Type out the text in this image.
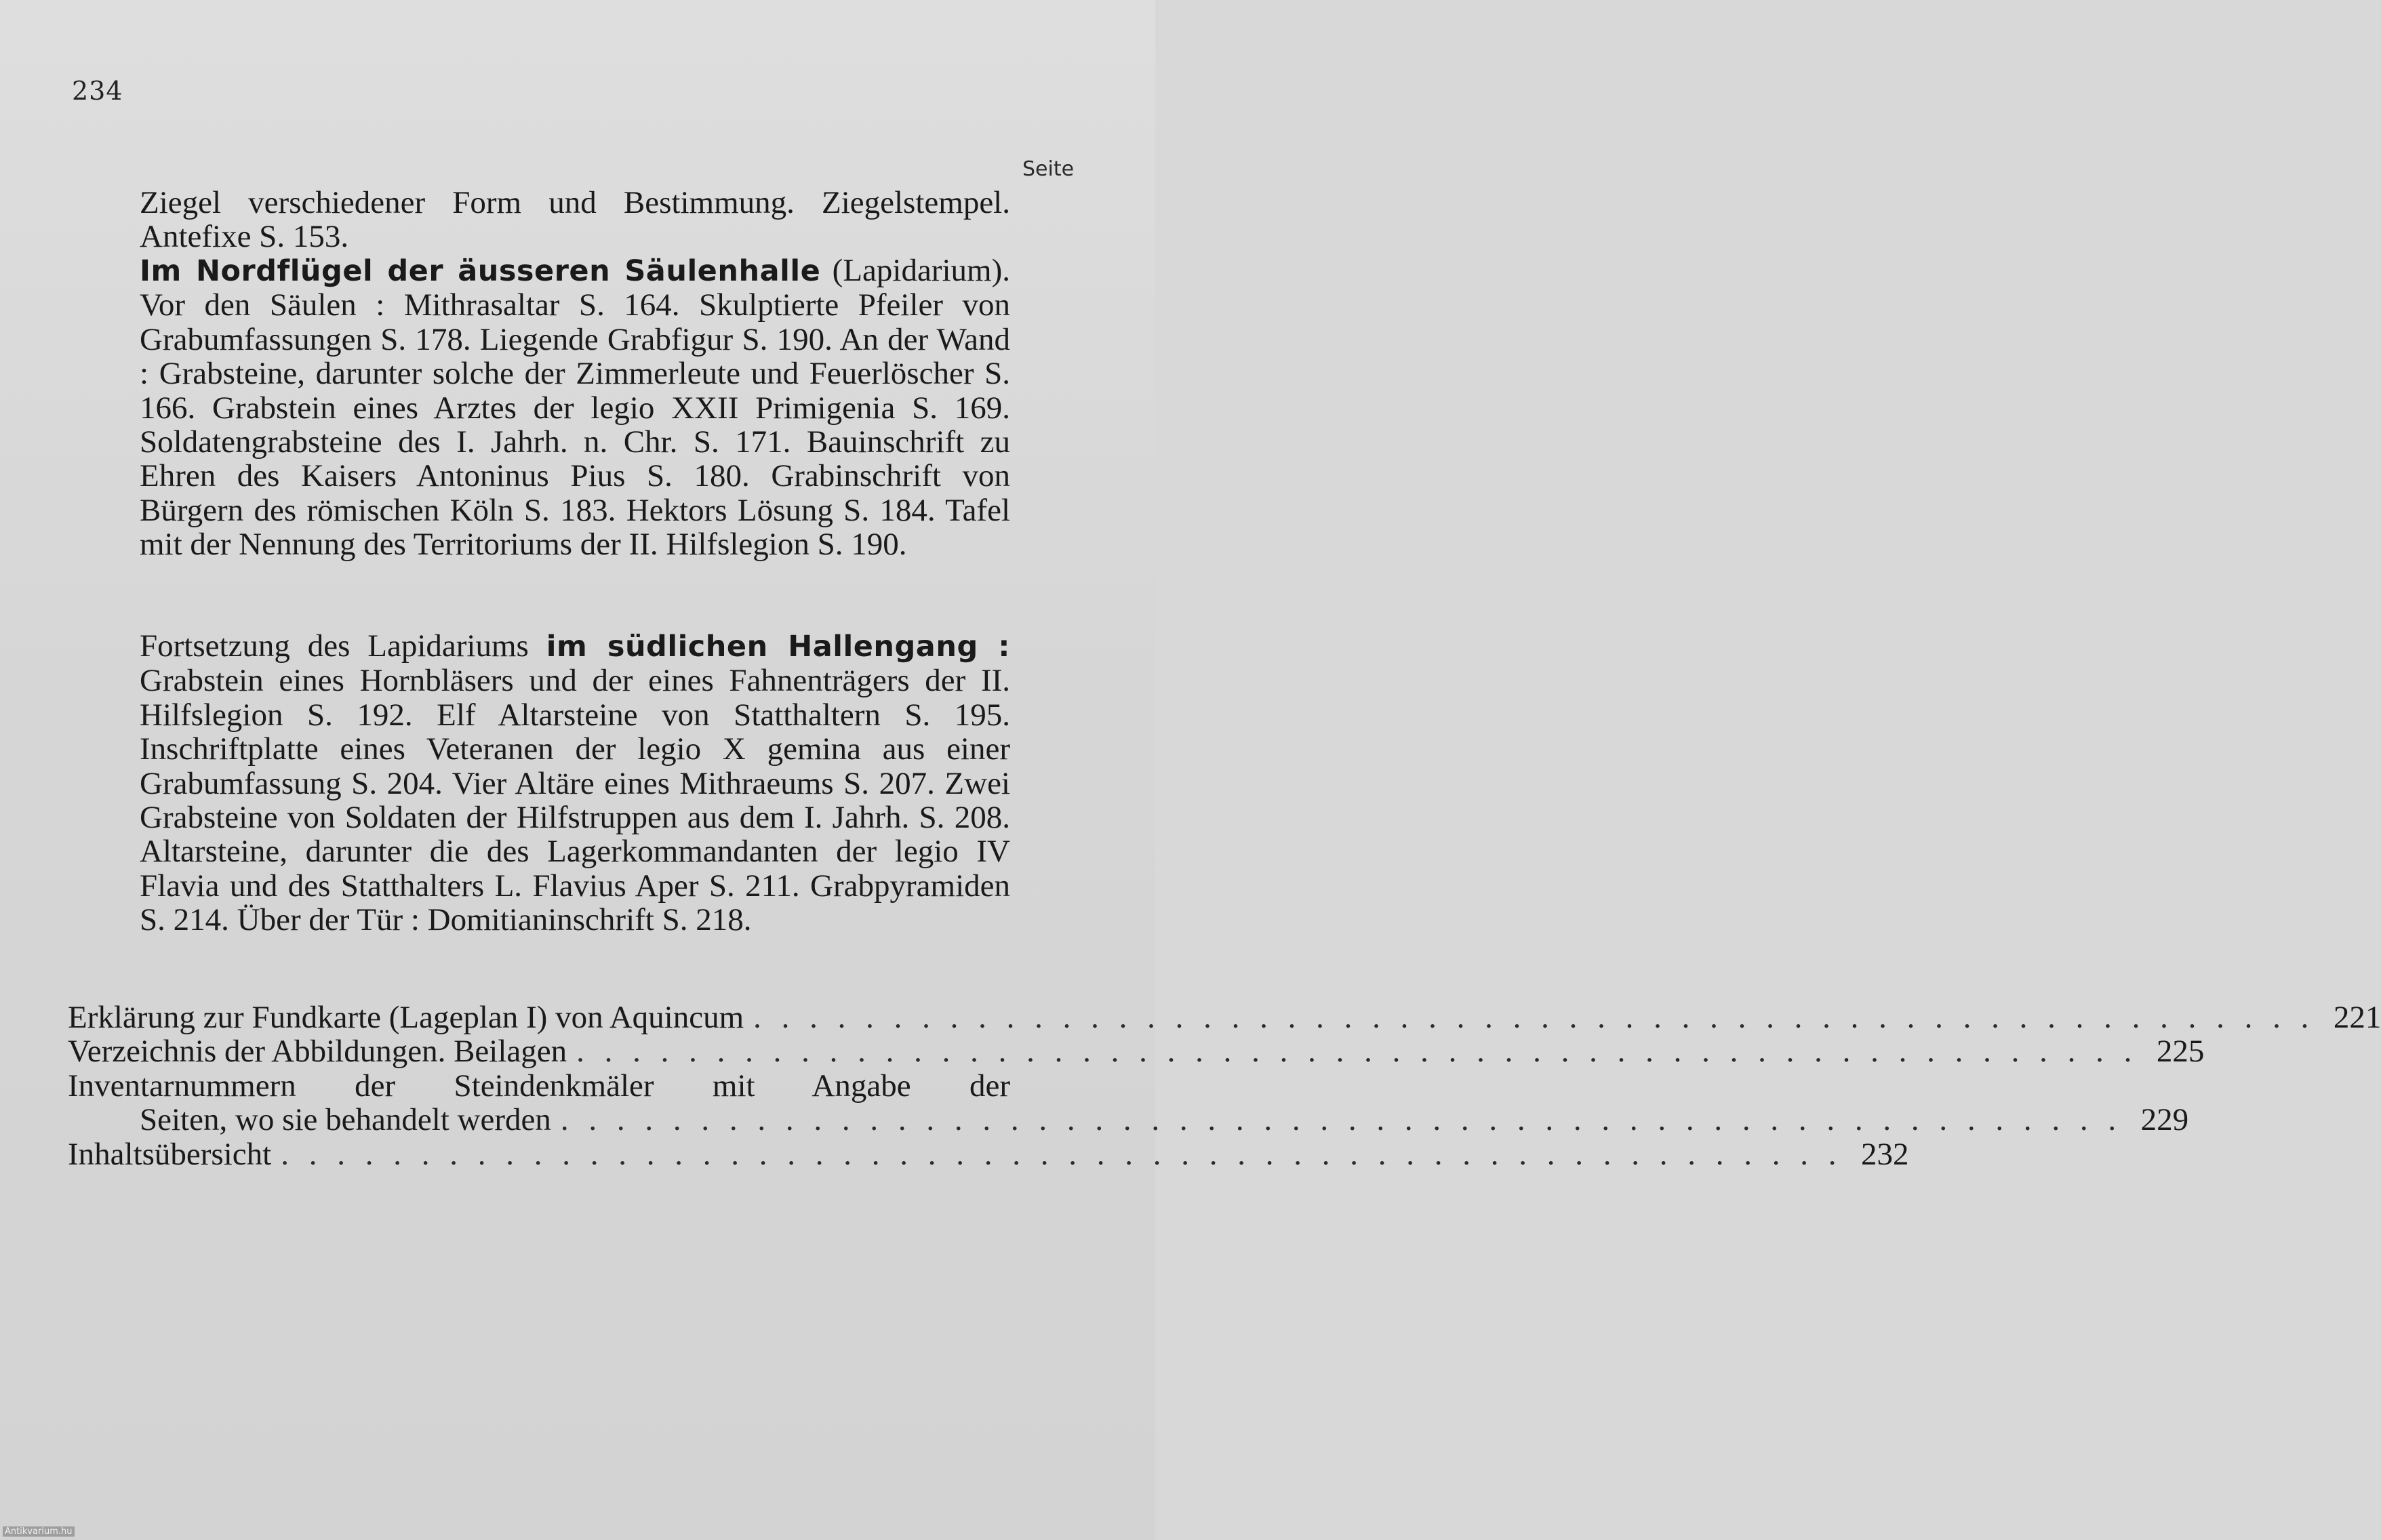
234
Seite
Ziegel verschiedener Form und Bestimmung. Ziegelstempel. Antefixe S. 153.
Im Nordflügel der äusseren Säulenhalle (Lapidarium). Vor den Säulen : Mithrasaltar S. 164. Skulptierte Pfeiler von Grabumfassungen S. 178. Liegende Grabfigur S. 190. An der Wand : Grabsteine, darunter solche der Zimmerleute und Feuerlöscher S. 166. Grabstein eines Arztes der legio XXII Primigenia S. 169. Soldatengrabsteine des I. Jahrh. n. Chr. S. 171. Bauinschrift zu Ehren des Kaisers Antoninus Pius S. 180. Grabinschrift von Bürgern des römischen Köln S. 183. Hektors Lösung S. 184. Tafel mit der Nennung des Territoriums der II. Hilfslegion S. 190.
Fortsetzung des Lapidariums im südlichen Hallengang : Grabstein eines Hornbläsers und der eines Fahnenträgers der II. Hilfslegion S. 192. Elf Altarsteine von Statthaltern S. 195. Inschriftplatte eines Veteranen der legio X gemina aus einer Grabumfassung S. 204. Vier Altäre eines Mithraeums S. 207. Zwei Grabsteine von Soldaten der Hilfstruppen aus dem I. Jahrh. S. 208. Altarsteine, darunter die des Lagerkommandanten der legio IV Flavia und des Statthalters L. Flavius Aper S. 211. Grabpyramiden S. 214. Über der Tür : Domitianinschrift S. 218.
Erklärung zur Fundkarte (Lageplan I) von Aquincum . . . . . . . . . . . . . . . . . . . . . . . . . . . . . . . . . . . . . . . . . . . . . . . . . . . . . . . . 221
Verzeichnis der Abbildungen. Beilagen . . . . . . . . . . . . . . . . . . . . . . . . . . . . . . . . . . . . . . . . . . . . . . . . . . . . . . . . 225
Inventarnummern der Steindenkmäler mit Angabe der
Seiten, wo sie behandelt werden . . . . . . . . . . . . . . . . . . . . . . . . . . . . . . . . . . . . . . . . . . . . . . . . . . . . . . . . 229
Inhaltsübersicht . . . . . . . . . . . . . . . . . . . . . . . . . . . . . . . . . . . . . . . . . . . . . . . . . . . . . . . . 232
Antikvarium.hu
